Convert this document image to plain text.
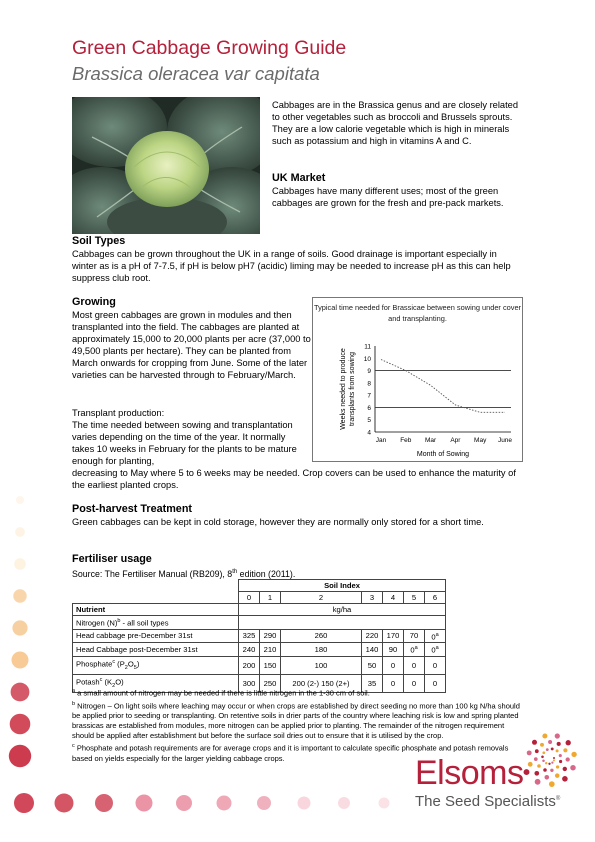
Green Cabbage Growing Guide
Brassica oleracea var capitata
Cabbages are in the Brassica genus and are closely related to other vegetables such as broccoli and Brussels sprouts. They are a low calorie vegetable which is high in minerals such as potassium and high in vitamins A and C.
UK Market
Cabbages have many different uses; most of the green cabbages are grown for the fresh and pre-pack markets.
Soil Types
Cabbages can be grown throughout the UK in a range of soils. Good drainage is important especially in winter as is a pH of 7-7.5, if pH is below pH7 (acidic) liming may be needed to increase pH as this can help suppress club root.
Growing
Most green cabbages are grown in modules and then transplanted into the field. The cabbages are planted at approximately 15,000 to 20,000 plants per acre (37,000 to 49,500 plants per hectare). They can be planted from March onwards for cropping from June. Some of the later varieties can be harvested through to February/March.
Transplant production:
The time needed between sowing and transplantation varies depending on the time of the year. It normally takes 10 weeks in February for the plants to be mature enough for planting,
decreasing to May where 5 to 6 weeks may be needed. Crop covers can be used to enhance the maturity of the earliest planted crops.
Typical time needed for Brassicae between sowing under cover and transplanting.
4
5
6
7
8
9
10
11
Jan Feb Mar Apr May June
Month of Sowing
Weeks needed to produce transplants from sowing
Post-harvest Treatment
Green cabbages can be kept in cold storage, however they are normally only stored for a short time.
Fertiliser usage
Source: The Fertiliser Manual (RB209), 8th edition (2011).
	Soil Index						
	0	1	2	3	4	5	6
Nutrient	kg/ha						
Nitrogen $(N)^b$ - all soil types							
Head cabbage pre-December 31st	325	290	260	220	170	70	0$^a$
Head Cabbage post-December 31st	240	210	180	140	90	0$^a$	0$^a$
Phosphate$^c$ $(P_2O_5)$	200	150	100	50	0	0	0
Potash$^c$ $(K_2O)$	300	250	200 (2-) 150 (2+)	35	0	0	0
$^a$ a small amount of nitrogen may be needed if there is little nitrogen in the 1-30 cm of soil.
$^b$ Nitrogen – On light soils where leaching may occur or when crops are established by direct seeding no more than 100 kg N/ha should be applied prior to seeding or transplanting. On retentive soils in drier parts of the country where leaching risk is low and spring planted brassicas are established from modules, more nitrogen can be applied prior to planting. The remainder of the nitrogen requirement should be applied after establishment but before the surface soil dries out to ensure that it is utilised by the crop.
$^c$ Phosphate and potash requirements are for average crops and it is important to calculate specific phosphate and potash removals based on yields especially for the larger yielding cabbage crops.	Elsoms
The Seed Specialists®
